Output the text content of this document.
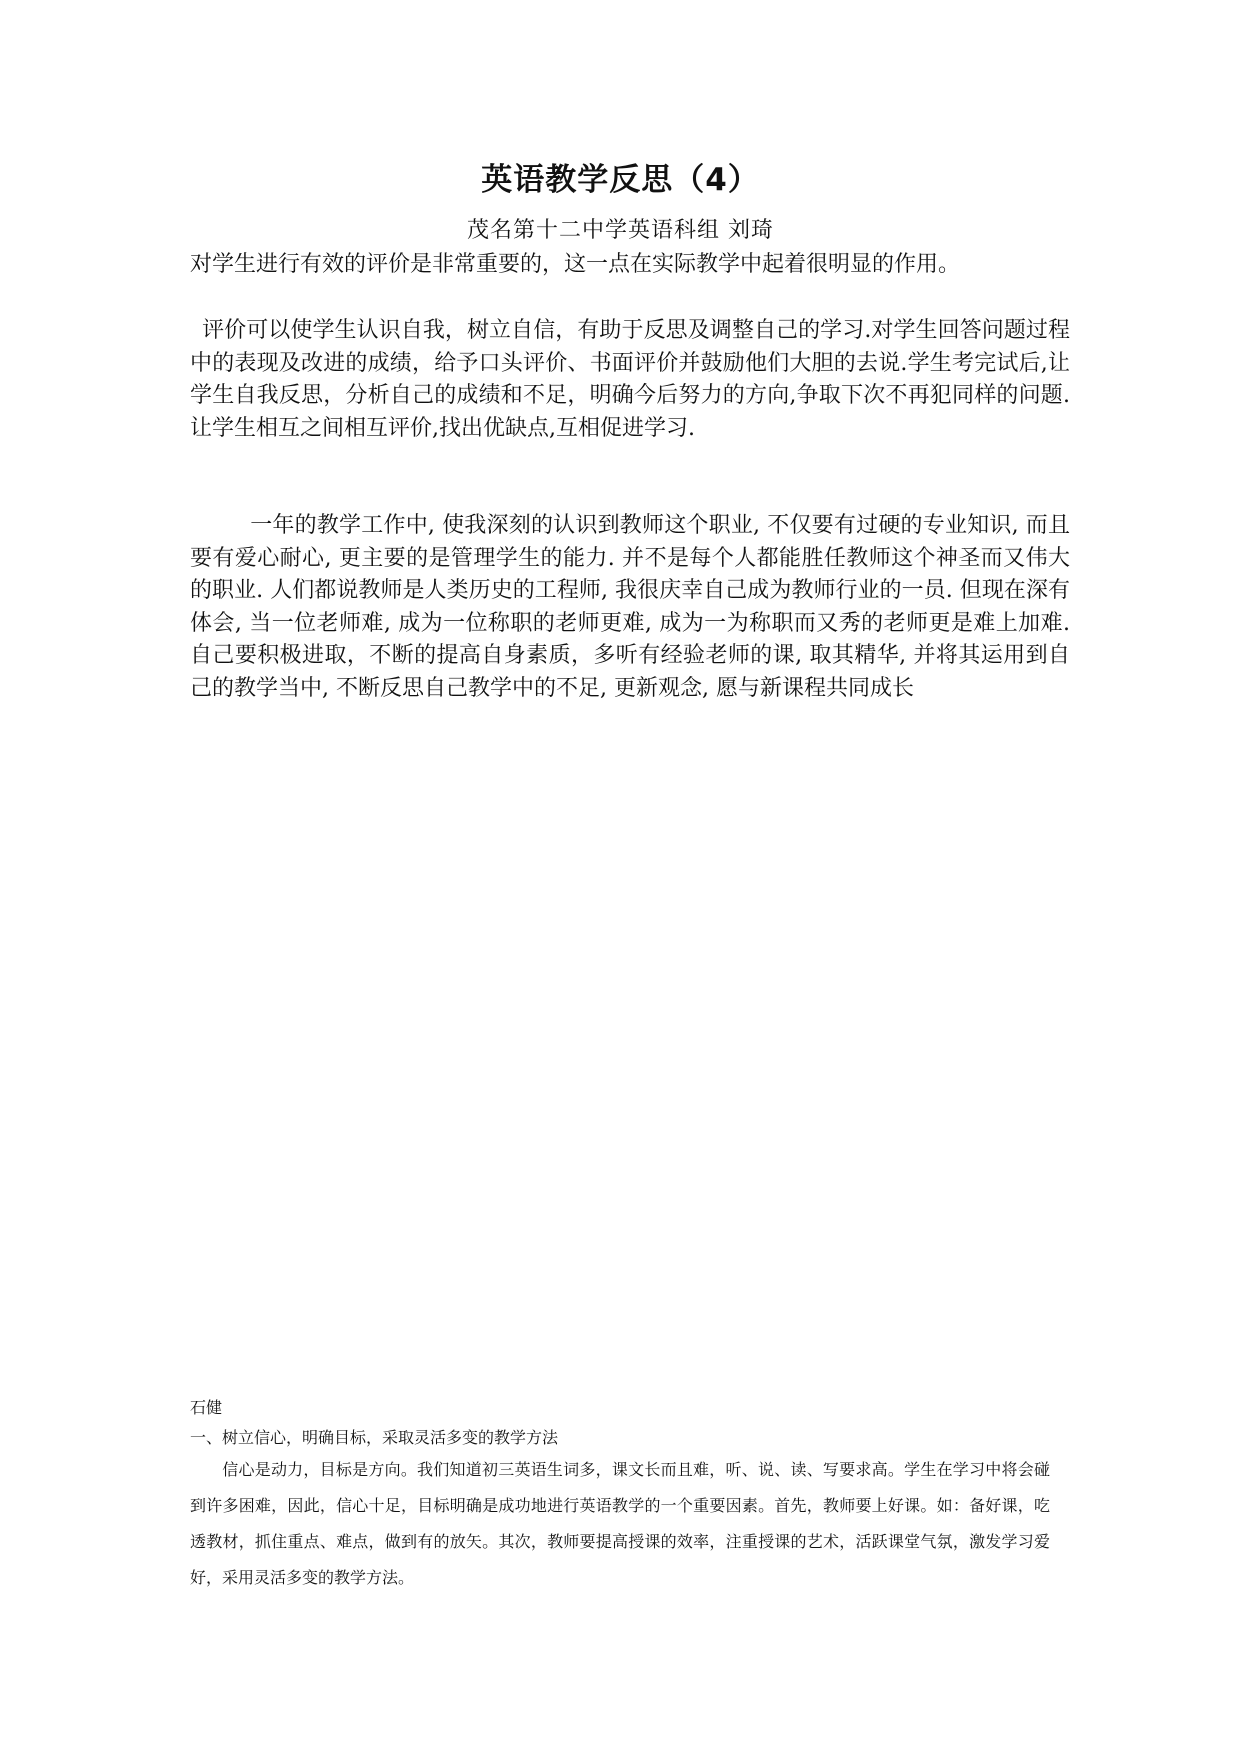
英语教学反思（4）
茂名第十二中学英语科组 刘琦
对学生进行有效的评价是非常重要的，这一点在实际教学中起着很明显的作用。
评价可以使学生认识自我，树立自信，有助于反思及调整自己的学习.对学生回答问题过程中的表现及改进的成绩，给予口头评价、书面评价并鼓励他们大胆的去说.学生考完试后,让学生自我反思，分析自己的成绩和不足，明确今后努力的方向,争取下次不再犯同样的问题.让学生相互之间相互评价,找出优缺点,互相促进学习.
一年的教学工作中, 使我深刻的认识到教师这个职业, 不仅要有过硬的专业知识, 而且要有爱心耐心, 更主要的是管理学生的能力. 并不是每个人都能胜任教师这个神圣而又伟大的职业. 人们都说教师是人类历史的工程师, 我很庆幸自己成为教师行业的一员. 但现在深有体会, 当一位老师难, 成为一位称职的老师更难, 成为一为称职而又秀的老师更是难上加难. 自己要积极进取，不断的提高自身素质，多听有经验老师的课, 取其精华, 并将其运用到自己的教学当中, 不断反思自己教学中的不足, 更新观念, 愿与新课程共同成长
石健
一、树立信心，明确目标，采取灵活多变的教学方法
信心是动力，目标是方向。我们知道初三英语生词多，课文长而且难，听、说、读、写要求高。学生在学习中将会碰到许多困难，因此，信心十足，目标明确是成功地进行英语教学的一个重要因素。首先，教师要上好课。如：备好课，吃透教材，抓住重点、难点，做到有的放矢。其次，教师要提高授课的效率，注重授课的艺术，活跃课堂气氛，激发学习爱好，采用灵活多变的教学方法。
